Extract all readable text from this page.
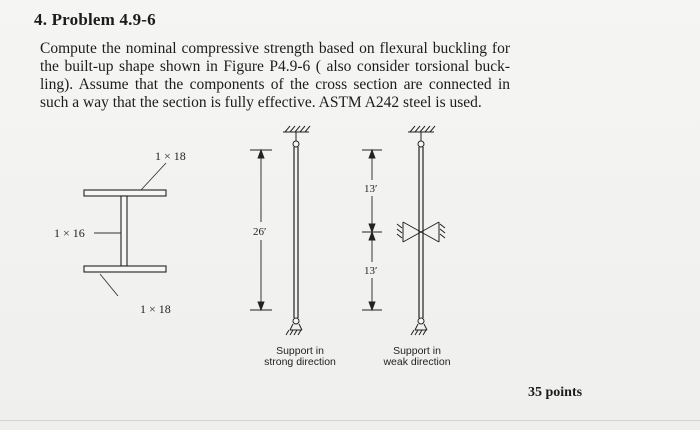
4. Problem 4.9-6
Compute the nominal compressive strength based on flexural buckling for the built-up shape shown in Figure P4.9-6 ( also consider torsional buck- ling). Assume that the components of the cross section are connected in such a way that the section is fully effective. ASTM A242 steel is used.
1 × 18
1 × 16
1 × 18
26′
13′
13′
Support in
strong direction
Support in
weak direction
35 points
